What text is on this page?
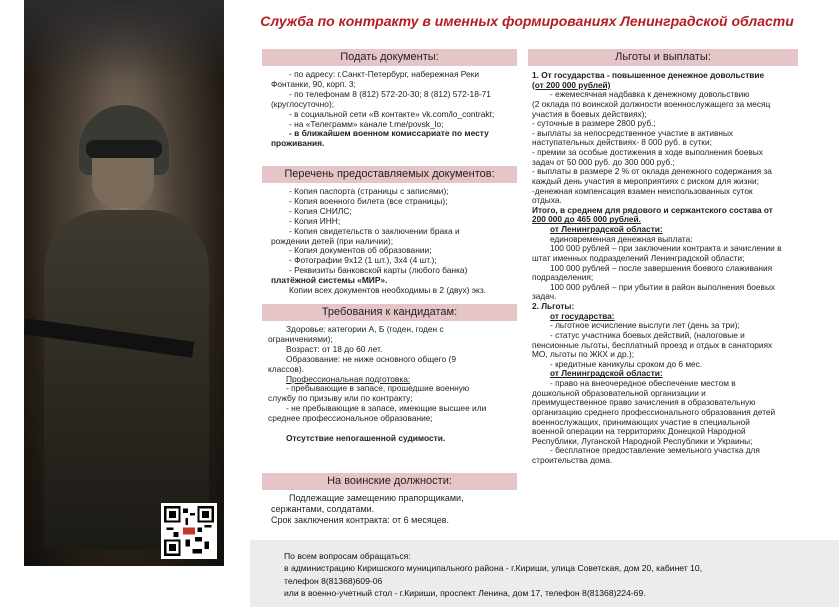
Служба по контракту в именных формированиях Ленинградской области
Подать документы:

- по адресу: г.Санкт-Петербург, набережная Реки

Фонтанки, 90, корп. 3;

- по телефонам 8 (812) 572-20-30; 8 (812) 572-18-71

(круглосуточно);

- в социальной сети «В контакте» vk.com/lo_contrakt;

- на «Телеграмм» канале t.me/povsk_lo;

- в ближайшем военном комиссариате по месту

проживания.

Перечень предоставляемых документов:

- Копия паспорта (страницы с записями);

- Копия военного билета (все страницы);

- Копия СНИЛС;

- Копия ИНН;

- Копия свидетельств о заключении брака и

рождении детей (при наличии);

- Копия документов об образовании;

- Фотографии 9х12 (1 шт.), 3х4 (4 шт.);

- Реквизиты банковской карты (любого банка)

платёжной системы «МИР».

Копии всех документов необходимы в 2 (двух) экз.

Требования к кандидатам:

Здоровье: категории А, Б (годен, годен с

ограничениями);

Возраст: от 18 до 60 лет.

Образование: не ниже основного общего (9

классов).

Профессиональная подготовка:

- пребывающие в запасе, прошедшие военную

службу по призыву или по контракту;

- не пребывающие в запасе, имеющие высшее или

среднее профессиональное образование;

Отсутствие непогашенной судимости.

На воинские должности:

Подлежащие замещению прапорщиками,

сержантами, солдатами.

Срок заключения контракта: от 6 месяцев.

Льготы и выплаты:

1. От государства - повышенное денежное довольствие

(от 200 000 рублей)

- ежемесячная надбавка к денежному довольствию

(2 оклада по воинской должности военнослужащего за месяц

участия в боевых действиях);

- суточные в размере 2800 руб.;

- выплаты за непосредственное участие в активных

наступательных действиях- 8 000 руб. в сутки;

- премии за особые достижения в ходе выполнения боевых

задач от 50 000 руб. до 300 000 руб.;

- выплаты в размере 2 % от оклада денежного содержания за

каждый день участия в мероприятиях с риском для жизни;

-денежная компенсация взамен неиспользованных суток

отдыха.

Итого, в среднем для рядового и сержантского состава от

200 000 до 465 000 рублей.

от Ленинградской области:

единовременная денежная выплата:

100 000 рублей – при заключении контракта и зачислении в

штат именных подразделений Ленинградской области;

100 000 рублей – после завершения боевого слаживания

подразделения;

100 000 рублей – при убытии в район выполнения боевых

задач.

2. Льготы:

от государства:

- льготное исчисление выслуги лет (день за три);

- статус участника боевых действий, (налоговые и

пенсионные льготы, бесплатный проезд и отдых в санаториях

МО, льготы по ЖКХ и др.);

- кредитные каникулы сроком до 6 мес.

от Ленинградской области:

- право на внеочередное обеспечение местом в

дошкольной образовательной организации и

преимущественное право зачисления в образовательную

организацию среднего профессионального образования детей

военнослужащих, принимающих участие в специальной

военной операции на территориях Донецкой Народной

Республики, Луганской Народной Республики и Украины;

- бесплатное предоставление земельного участка для

строительства дома.

По всем вопросам обращаться:

в администрацию Киришского муниципального района - г.Кириши, улица Советская, дом 20, кабинет 10,

телефон 8(81368)609-06

или в военно-учетный стол - г.Кириши, проспект Ленина, дом 17, телефон 8(81368)224-69.
